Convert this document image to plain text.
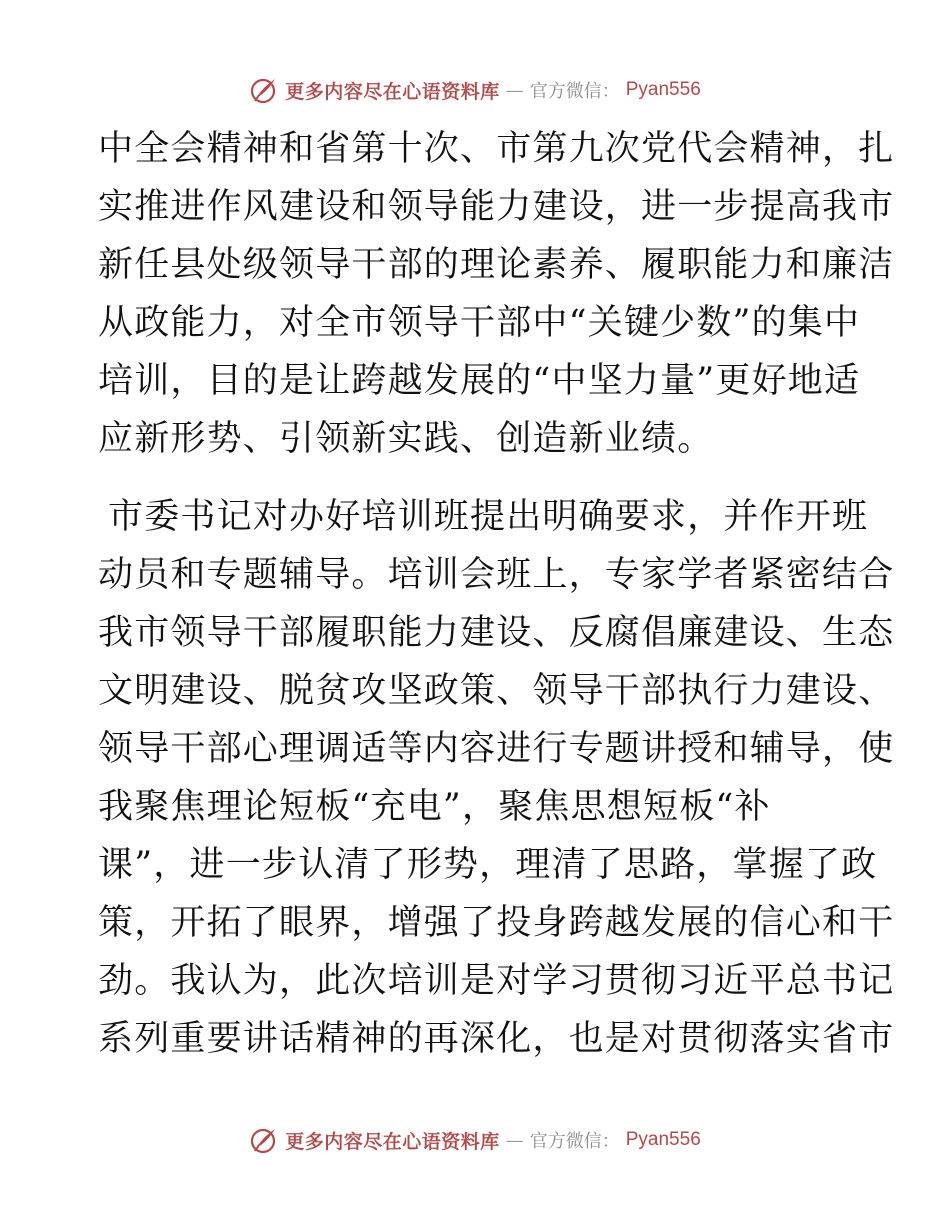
更多内容尽在心语资料库 — 官方微信： Pyan556
中全会精神和省第十次、市第九次党代会精神，扎
实推进作风建设和领导能力建设，进一步提高我市
新任县处级领导干部的理论素养、履职能力和廉洁
从政能力，对全市领导干部中“关键少数”的集中
培训，目的是让跨越发展的“中坚力量”更好地适
应新形势、引领新实践、创造新业绩。
市委书记对办好培训班提出明确要求，并作开班
动员和专题辅导。培训会班上，专家学者紧密结合
我市领导干部履职能力建设、反腐倡廉建设、生态
文明建设、脱贫攻坚政策、领导干部执行力建设、
领导干部心理调适等内容进行专题讲授和辅导，使
我聚焦理论短板“充电”，聚焦思想短板“补
课”，进一步认清了形势，理清了思路，掌握了政
策，开拓了眼界，增强了投身跨越发展的信心和干
劲。我认为，此次培训是对学习贯彻习近平总书记
系列重要讲话精神的再深化，也是对贯彻落实省市
更多内容尽在心语资料库 — 官方微信： Pyan556
